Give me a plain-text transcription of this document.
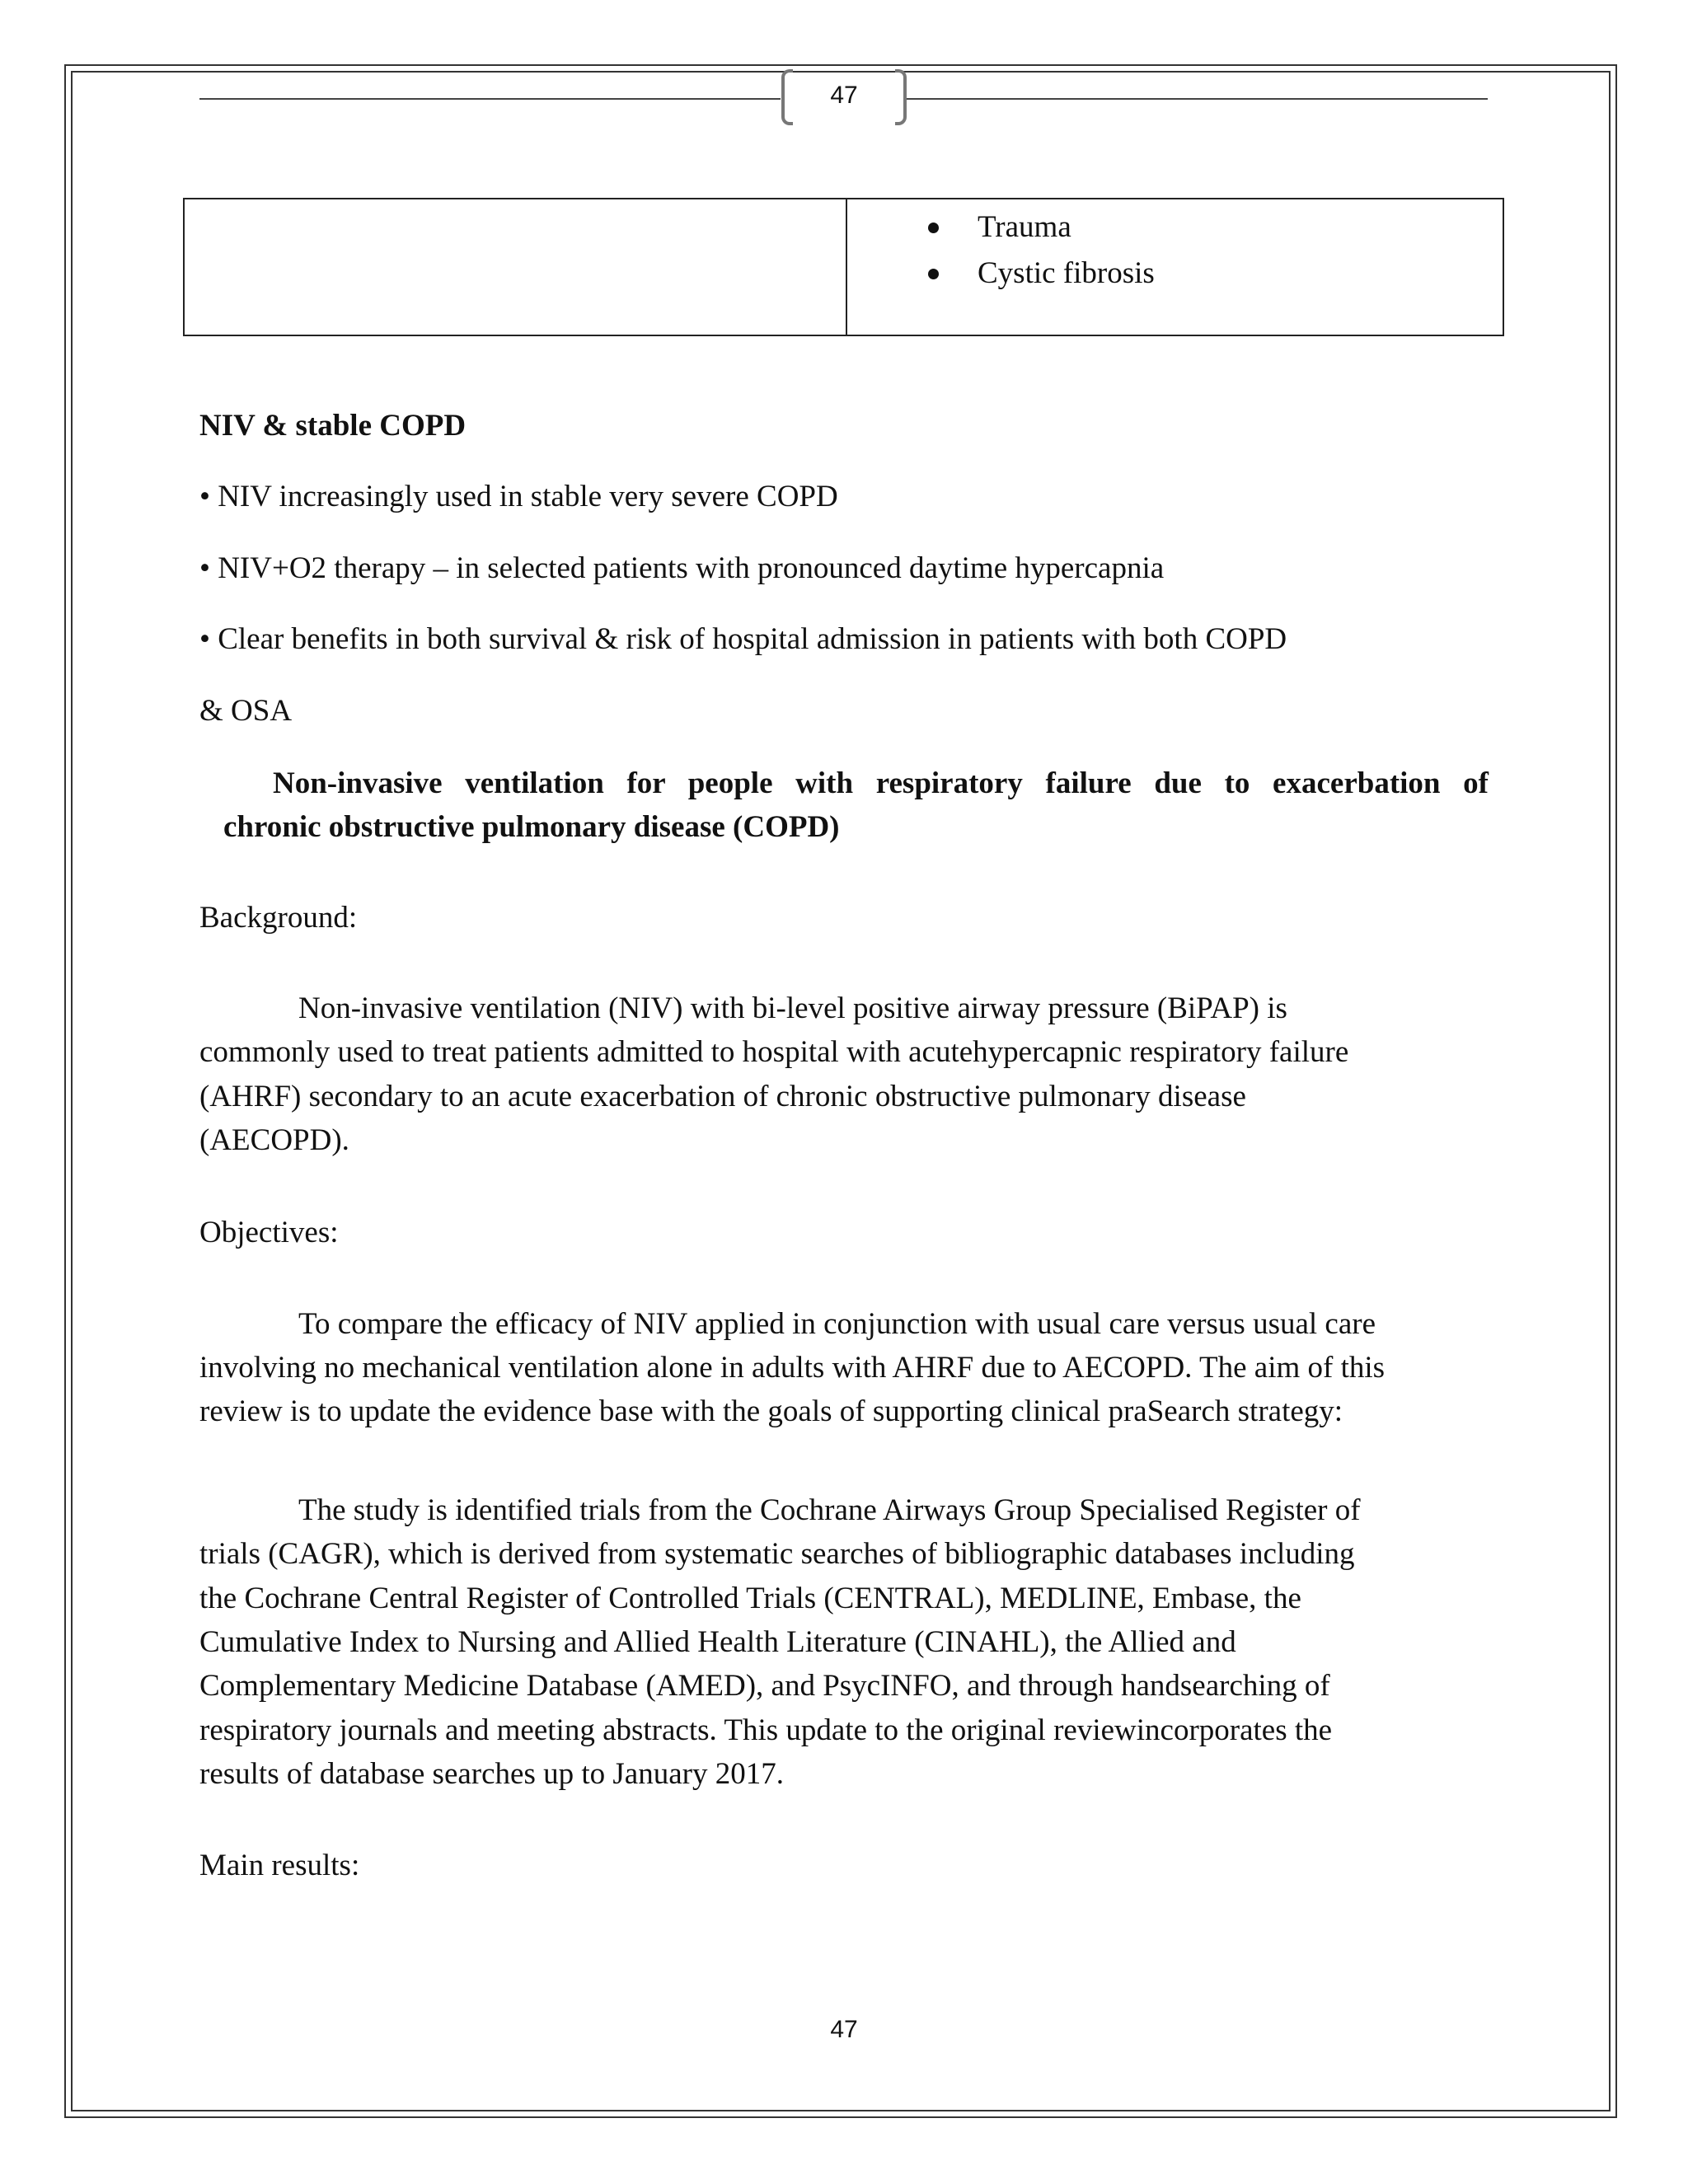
47
Trauma
Cystic fibrosis

NIV & stable COPD

• NIV increasingly used in stable very severe COPD

• NIV+O2 therapy – in selected patients with pronounced daytime hypercapnia

• Clear benefits in both survival & risk of hospital admission in patients with both COPD

& OSA

Non-invasive ventilation for people with respiratory failure due to exacerbation of

chronic obstructive pulmonary disease (COPD)

Background:

Non-invasive ventilation (NIV) with bi-level positive airway pressure (BiPAP) is

commonly used to treat patients admitted to hospital with acutehypercapnic respiratory failure

(AHRF) secondary to an acute exacerbation of chronic obstructive pulmonary disease

(AECOPD).

Objectives:

To compare the efficacy of NIV applied in conjunction with usual care versus usual care

involving no mechanical ventilation alone in adults with AHRF due to AECOPD. The aim of this

review is to update the evidence base with the goals of supporting clinical praSearch strategy:

The study is identified trials from the Cochrane Airways Group Specialised Register of

trials (CAGR), which is derived from systematic searches of bibliographic databases including

the Cochrane Central Register of Controlled Trials (CENTRAL), MEDLINE, Embase, the

Cumulative Index to Nursing and Allied Health Literature (CINAHL), the Allied and

Complementary Medicine Database (AMED), and PsycINFO, and through handsearching of

respiratory journals and meeting abstracts. This update to the original reviewincorporates the

results of database searches up to January 2017.

Main results:

47
